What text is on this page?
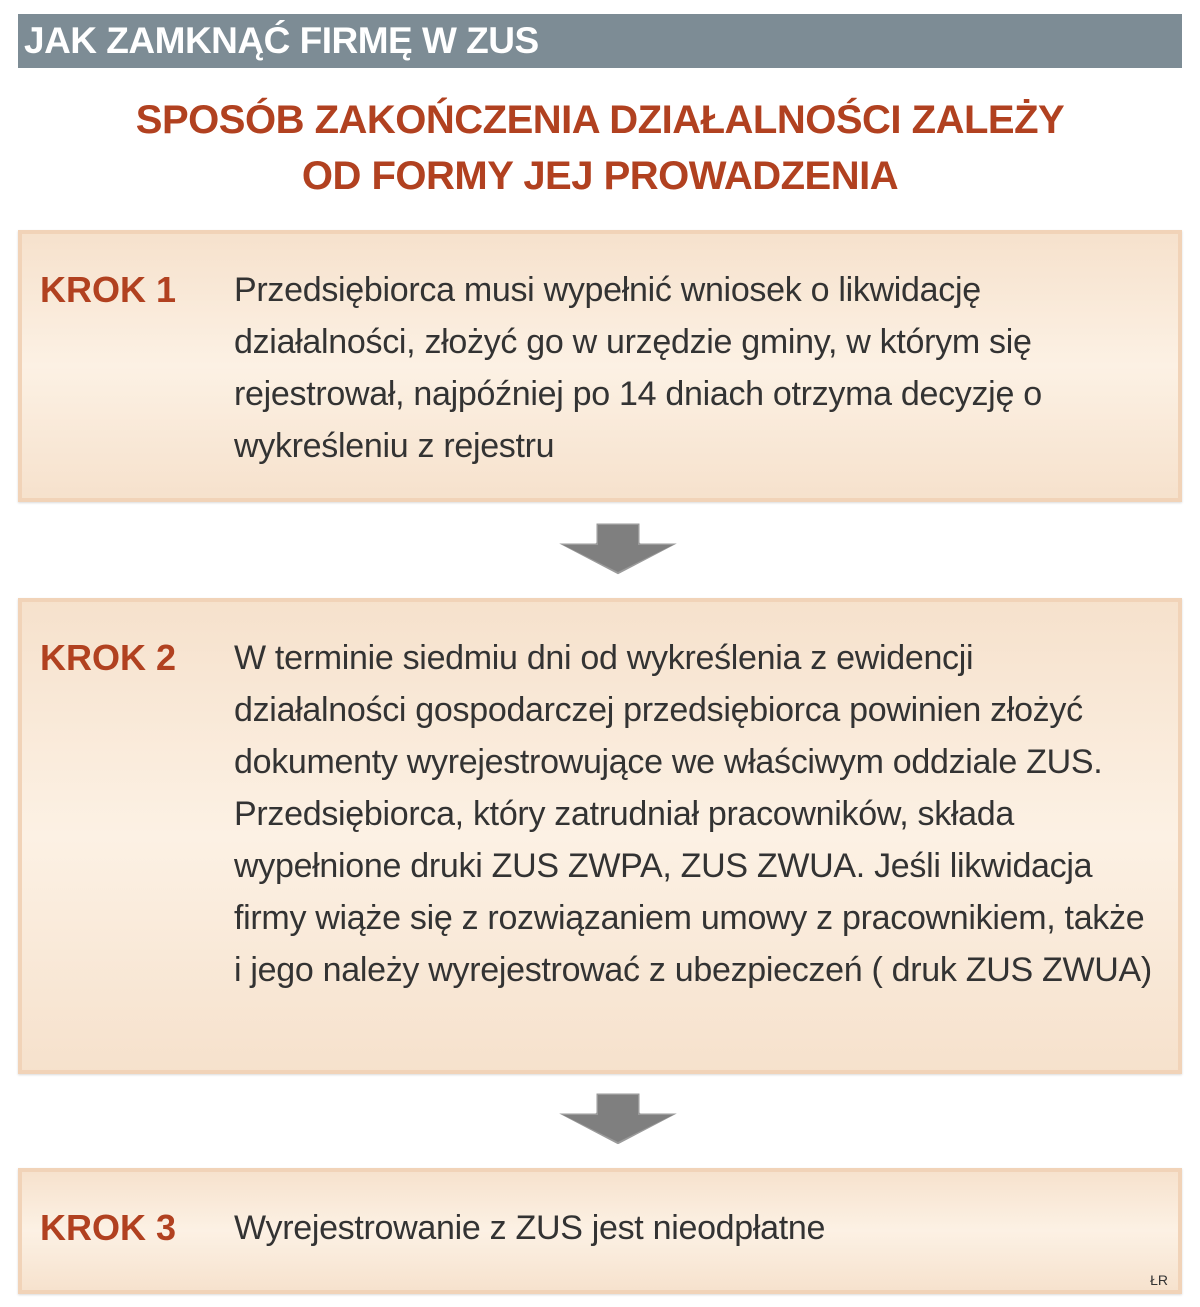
JAK ZAMKNĄĆ FIRMĘ W ZUS
SPOSÓB ZAKOŃCZENIA DZIAŁALNOŚCI ZALEŻY
OD FORMY JEJ PROWADZENIA
KROK 1 Przedsiębiorca musi wypełnić wniosek o likwidację działalności, złożyć go w urzędzie gminy, w którym się rejestrował, najpóźniej po 14 dniach otrzyma decyzję o wykreśleniu z rejestru
KROK 2 W terminie siedmiu dni od wykreślenia z ewidencji działalności gospodarczej przedsiębiorca powinien złożyć dokumenty wyrejestrowujące we właściwym oddziale ZUS. Przedsiębiorca, który zatrudniał pracowników, składa wypełnione druki ZUS ZWPA, ZUS ZWUA. Jeśli likwidacja firmy wiąże się z rozwiązaniem umowy z pracownikiem, także i jego należy wyrejestrować z ubezpieczeń ( druk ZUS ZWUA)
KROK 3 Wyrejestrowanie z ZUS jest nieodpłatne
ŁR
